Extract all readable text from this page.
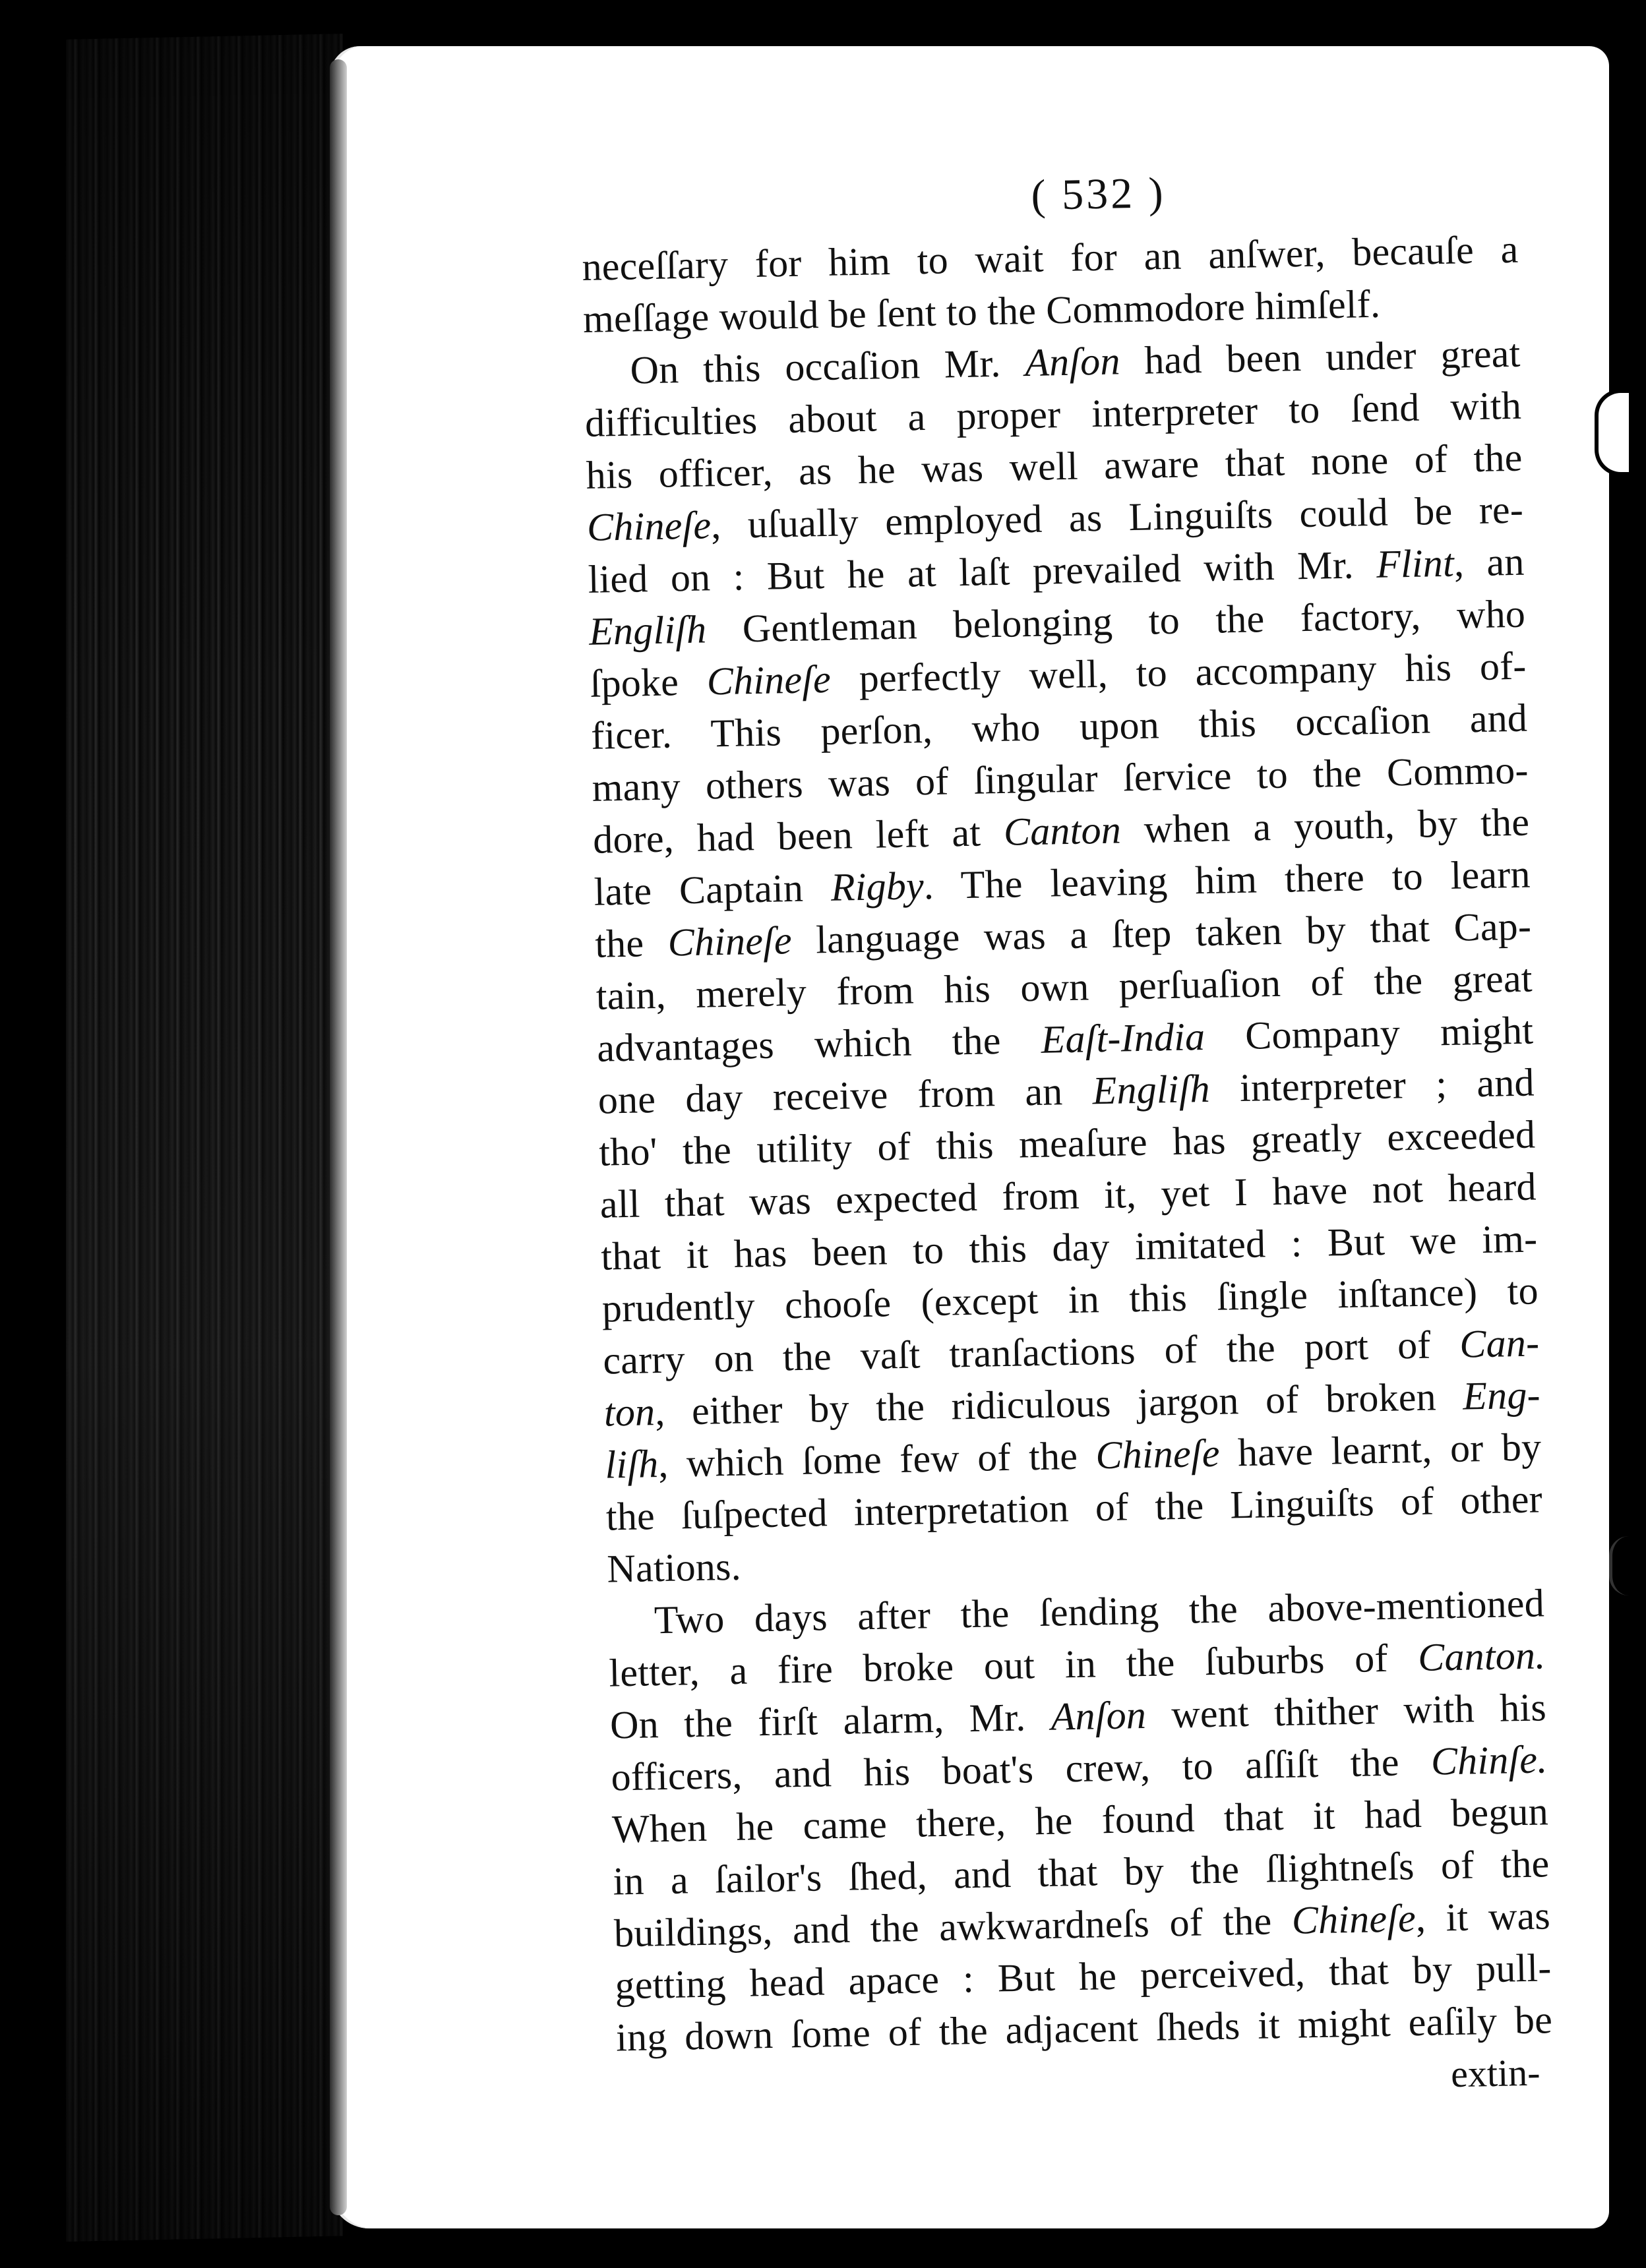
( 532 )
neceſſary for him to wait for an anſwer, becauſe a
meſſage would be ſent to the Commodore himſelf.
On this occaſion Mr. Anſon had been under great
difficulties about a proper interpreter to ſend with
his officer, as he was well aware that none of the
Chineſe, uſually employed as Linguiſts could be re-
lied on : But he at laſt prevailed with Mr. Flint, an
Engliſh Gentleman belonging to the factory, who
ſpoke Chineſe perfectly well, to accompany his of-
ficer. This perſon, who upon this occaſion and
many others was of ſingular ſervice to the Commo-
dore, had been left at Canton when a youth, by the
late Captain Rigby. The leaving him there to learn
the Chineſe language was a ſtep taken by that Cap-
tain, merely from his own perſuaſion of the great
advantages which the Eaſt-India Company might
one day receive from an Engliſh interpreter ; and
tho' the utility of this meaſure has greatly exceeded
all that was expected from it, yet I have not heard
that it has been to this day imitated : But we im-
prudently chooſe (except in this ſingle inſtance) to
carry on the vaſt tranſactions of the port of Can-
ton, either by the ridiculous jargon of broken Eng-
liſh, which ſome few of the Chineſe have learnt, or by
the ſuſpected interpretation of the Linguiſts of other
Nations.
Two days after the ſending the above-mentioned
letter, a fire broke out in the ſuburbs of Canton.
On the firſt alarm, Mr. Anſon went thither with his
officers, and his boat's crew, to aſſiſt the Chinſe.
When he came there, he found that it had begun
in a ſailor's ſhed, and that by the ſlightneſs of the
buildings, and the awkwardneſs of the Chineſe, it was
getting head apace : But he perceived, that by pull-
ing down ſome of the adjacent ſheds it might eaſily be
extin-
